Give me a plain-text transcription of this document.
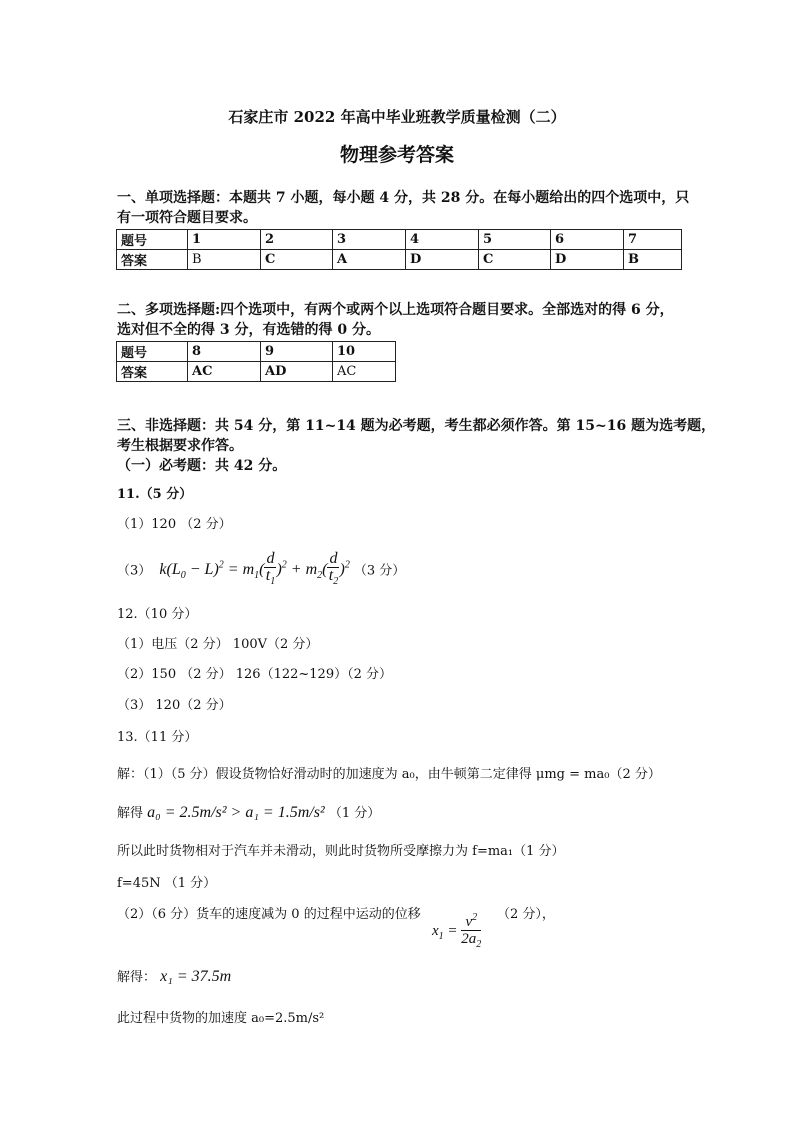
石家庄市 2022 年高中毕业班教学质量检测（二）
物理参考答案
一、单项选择题：本题共 7 小题，每小题 4 分，共 28 分。在每小题给出的四个选项中，只
有一项符合题目要求。
题号	1	2	3	4	5	6	7
答案	B	C	A	D	C	D	B
二、多项选择题:四个选项中，有两个或两个以上选项符合题目要求。全部选对的得 6 分，
选对但不全的得 3 分，有选错的得 0 分。
题号	8	9	10
答案	AC	AD	AC
三、非选择题：共 54 分，第 11~14 题为必考题，考生都必须作答。第 15~16 题为选考题，
考生根据要求作答。
（一）必考题：共 42 分。
11.（5 分）
（1）120 （2 分）
（3）  $k(L_0 - L)^2 = m_1( \frac{d}{t_1} )^2 + m_2( \frac{d}{t_2} )^2$ （3 分）
12.（10 分）
（1）电压（2 分） 100V（2 分）
（2）150 （2 分） 126（122~129）（2 分）
（3） 120（2 分）
13.（11 分）
解：（1）（5 分）假设货物恰好滑动时的加速度为 a₀，由牛顿第二定律得 μmg = ma₀（2 分）
解得 a₀ = 2.5m/s² > a₁ = 1.5m/s² （1 分）
所以此时货物相对于汽车并未滑动，则此时货物所受摩擦力为 f=ma₁（1 分）
f=45N （1 分）
（2）（6 分）货车的速度减为 0 的过程中运动的位移
$x_1 = \frac{v^2}{2a_2} (2$ 分），
解得： x₁ = 37.5m
此过程中货物的加速度 a₀=2.5m/s²
